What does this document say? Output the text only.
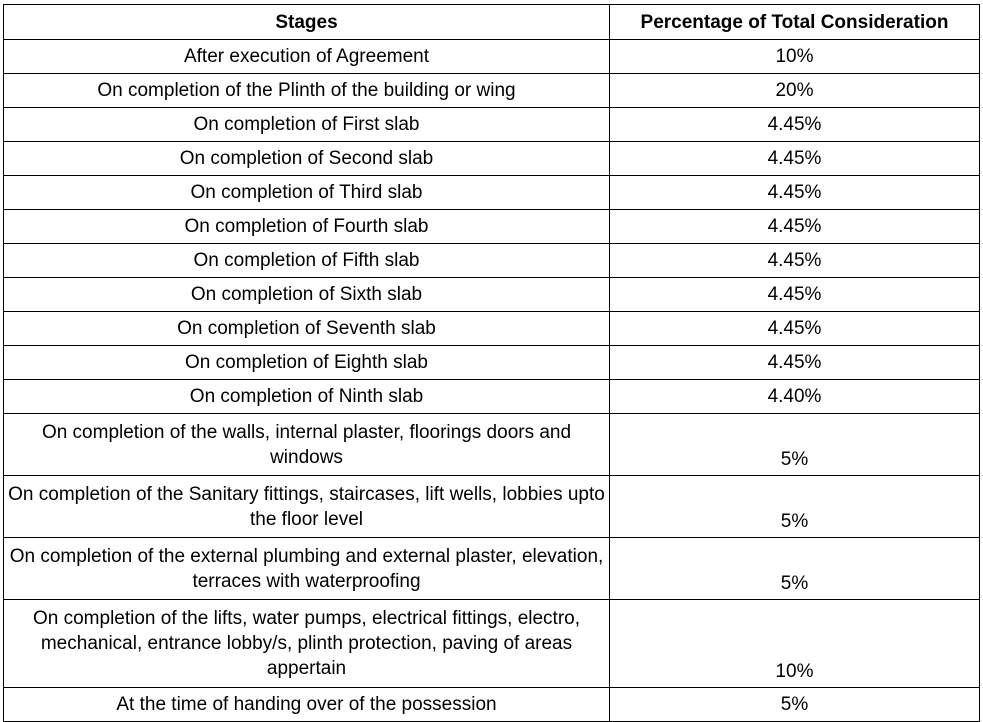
Stages	Percentage of Total Consideration
After execution of Agreement	10%
On completion of the Plinth of the building or wing	20%
On completion of First slab	4.45%
On completion of Second slab	4.45%
On completion of Third slab	4.45%
On completion of Fourth slab	4.45%
On completion of Fifth slab	4.45%
On completion of Sixth slab	4.45%
On completion of Seventh slab	4.45%
On completion of Eighth slab	4.45%
On completion of Ninth slab	4.40%
On completion of the walls, internal plaster, floorings doors and windows	5%
On completion of the Sanitary fittings, staircases, lift wells, lobbies upto the floor level	5%
On completion of the external plumbing and external plaster, elevation, terraces with waterproofing	5%
On completion of the lifts, water pumps, electrical fittings, electro, mechanical, entrance lobby/s, plinth protection, paving of areas appertain	10%
At the time of handing over of the possession	5%
